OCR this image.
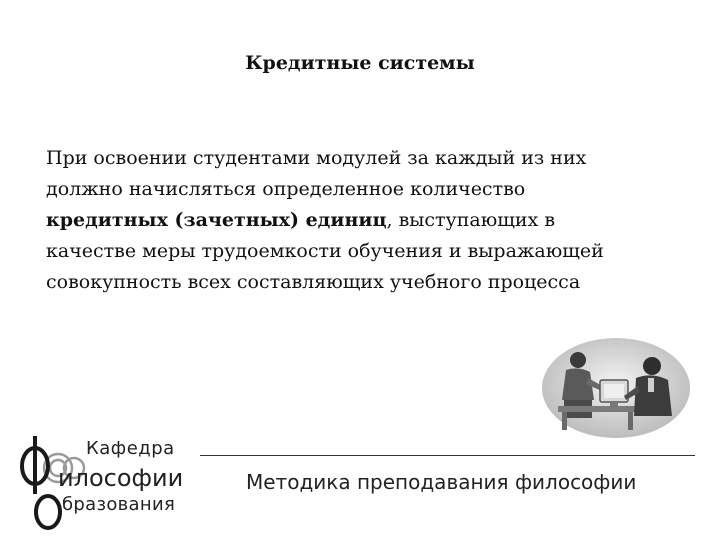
Кредитные системы
При освоении студентами модулей за каждый из них
должно начисляться определенное количество
кредитных (зачетных) единиц, выступающих в
качестве меры трудоемкости обучения и выражающей
совокупность всех составляющих учебного процесса
Методика преподавания философии
Кафедра
илософии
бразования
